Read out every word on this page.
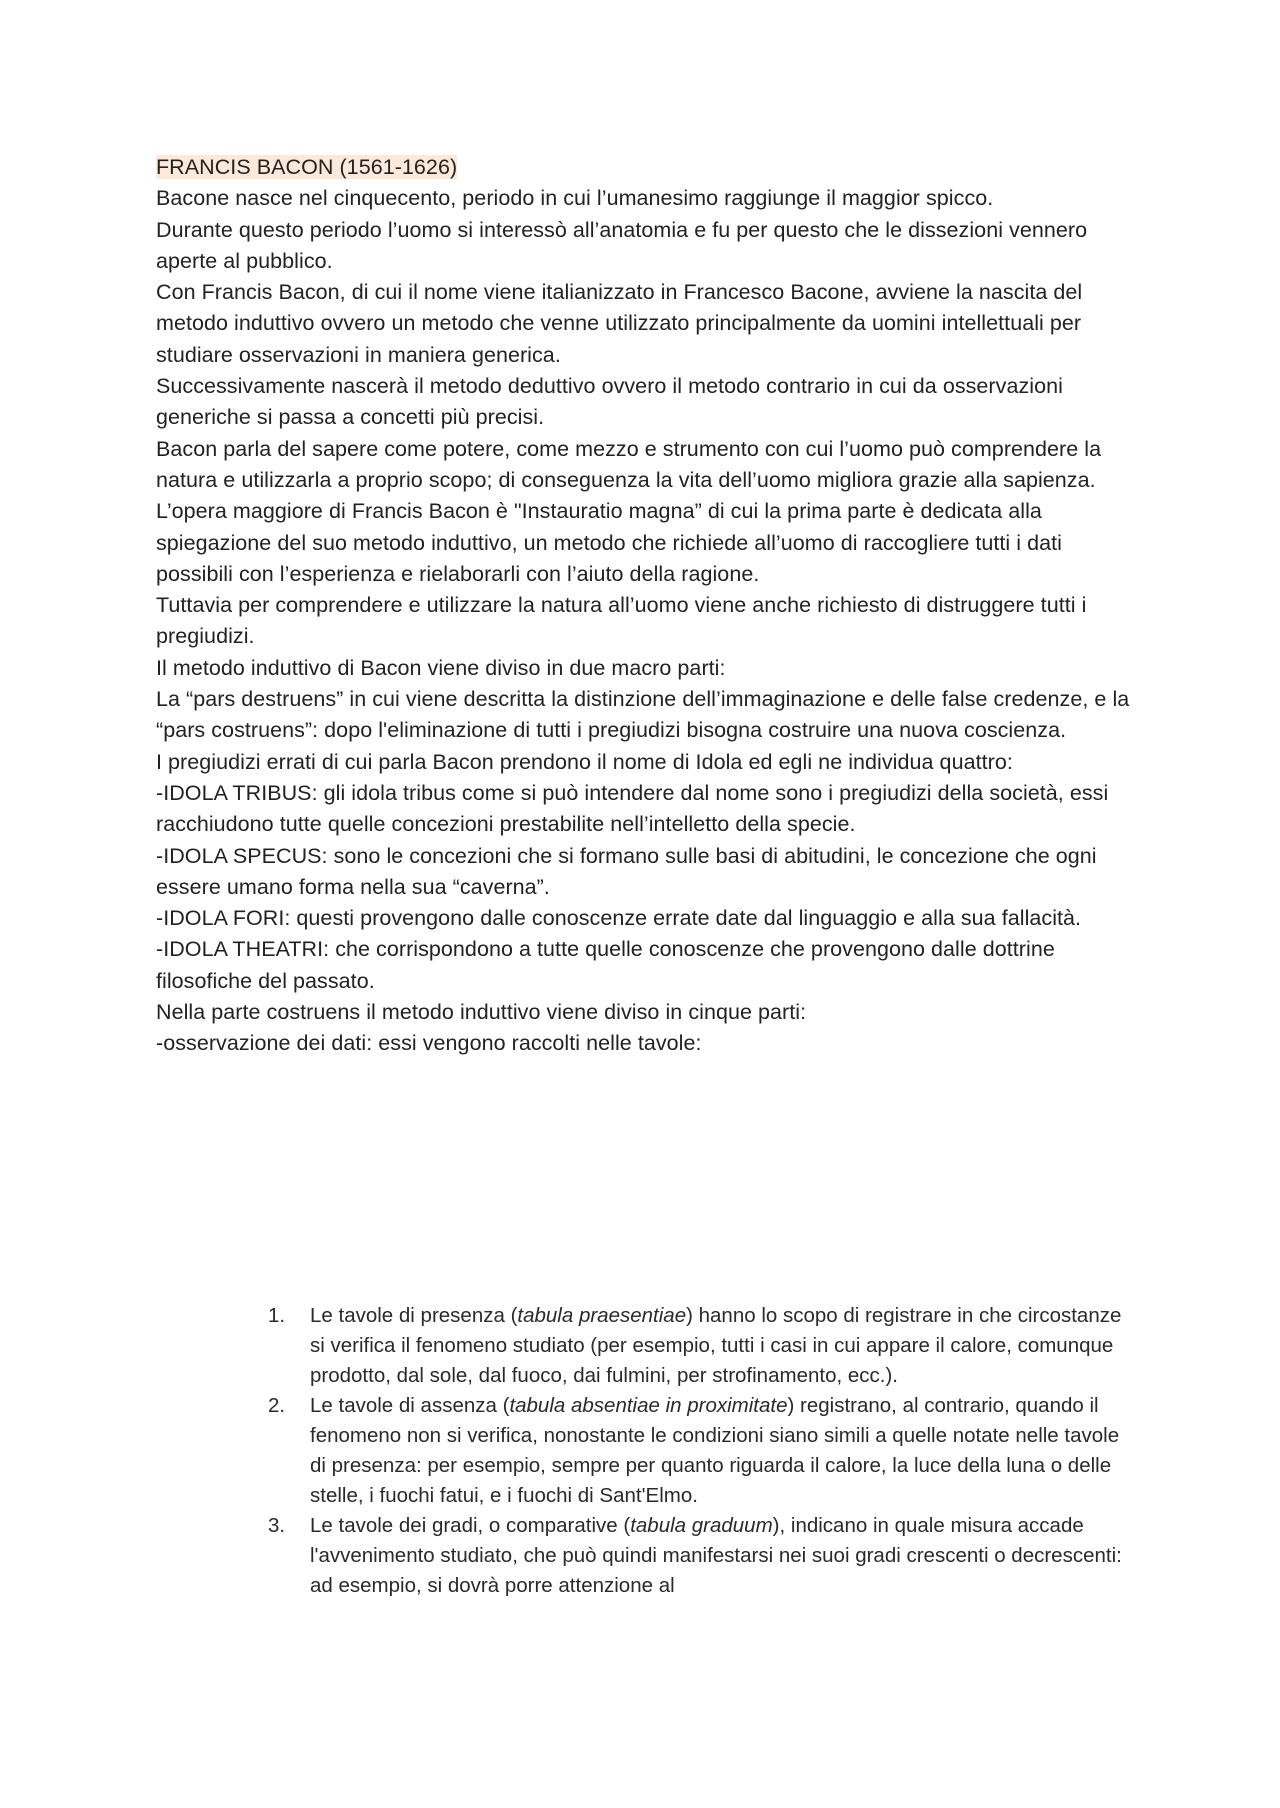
FRANCIS BACON (1561-1626)

Bacone nasce nel cinquecento, periodo in cui l’umanesimo raggiunge il maggior spicco.

Durante questo periodo l’uomo si interessò all’anatomia e fu per questo che le dissezioni vennero aperte al pubblico.

Con Francis Bacon, di cui il nome viene italianizzato in Francesco Bacone, avviene la nascita del metodo induttivo ovvero un metodo che venne utilizzato principalmente da uomini intellettuali per studiare osservazioni in maniera generica.

Successivamente nascerà il metodo deduttivo ovvero il metodo contrario in cui da osservazioni generiche si passa a concetti più precisi.

Bacon parla del sapere come potere, come mezzo e strumento con cui l’uomo può comprendere la natura e utilizzarla a proprio scopo; di conseguenza la vita dell’uomo migliora grazie alla sapienza.

L’opera maggiore di Francis Bacon è "Instauratio magna” di cui la prima parte è dedicata alla spiegazione del suo metodo induttivo, un metodo che richiede all’uomo di raccogliere tutti i dati possibili con l’esperienza e rielaborarli con l’aiuto della ragione.

Tuttavia per comprendere e utilizzare la natura all’uomo viene anche richiesto di distruggere tutti i pregiudizi.

Il metodo induttivo di Bacon viene diviso in due macro parti:

La “pars destruens” in cui viene descritta la distinzione dell’immaginazione e delle false credenze, e la “pars costruens”: dopo l'eliminazione di tutti i pregiudizi bisogna costruire una nuova coscienza.

I pregiudizi errati di cui parla Bacon prendono il nome di Idola ed egli ne individua quattro:

-IDOLA TRIBUS: gli idola tribus come si può intendere dal nome sono i pregiudizi della società, essi racchiudono tutte quelle concezioni prestabilite nell’intelletto della specie.

-IDOLA SPECUS: sono le concezioni che si formano sulle basi di abitudini, le concezione che ogni essere umano forma nella sua “caverna”.

-IDOLA FORI: questi provengono dalle conoscenze errate date dal linguaggio e alla sua fallacità.

-IDOLA THEATRI: che corrispondono a tutte quelle conoscenze che provengono dalle dottrine filosofiche del passato.

Nella parte costruens il metodo induttivo viene diviso in cinque parti:

-osservazione dei dati: essi vengono raccolti nelle tavole:

1. Le tavole di presenza (tabula praesentiae) hanno lo scopo di registrare in che circostanze si verifica il fenomeno studiato (per esempio, tutti i casi in cui appare il calore, comunque prodotto, dal sole, dal fuoco, dai fulmini, per strofinamento, ecc.).
2. Le tavole di assenza (tabula absentiae in proximitate) registrano, al contrario, quando il fenomeno non si verifica, nonostante le condizioni siano simili a quelle notate nelle tavole di presenza: per esempio, sempre per quanto riguarda il calore, la luce della luna o delle stelle, i fuochi fatui, e i fuochi di Sant'Elmo.
3. Le tavole dei gradi, o comparative (tabula graduum), indicano in quale misura accade l'avvenimento studiato, che può quindi manifestarsi nei suoi gradi crescenti o decrescenti: ad esempio, si dovrà porre attenzione al
